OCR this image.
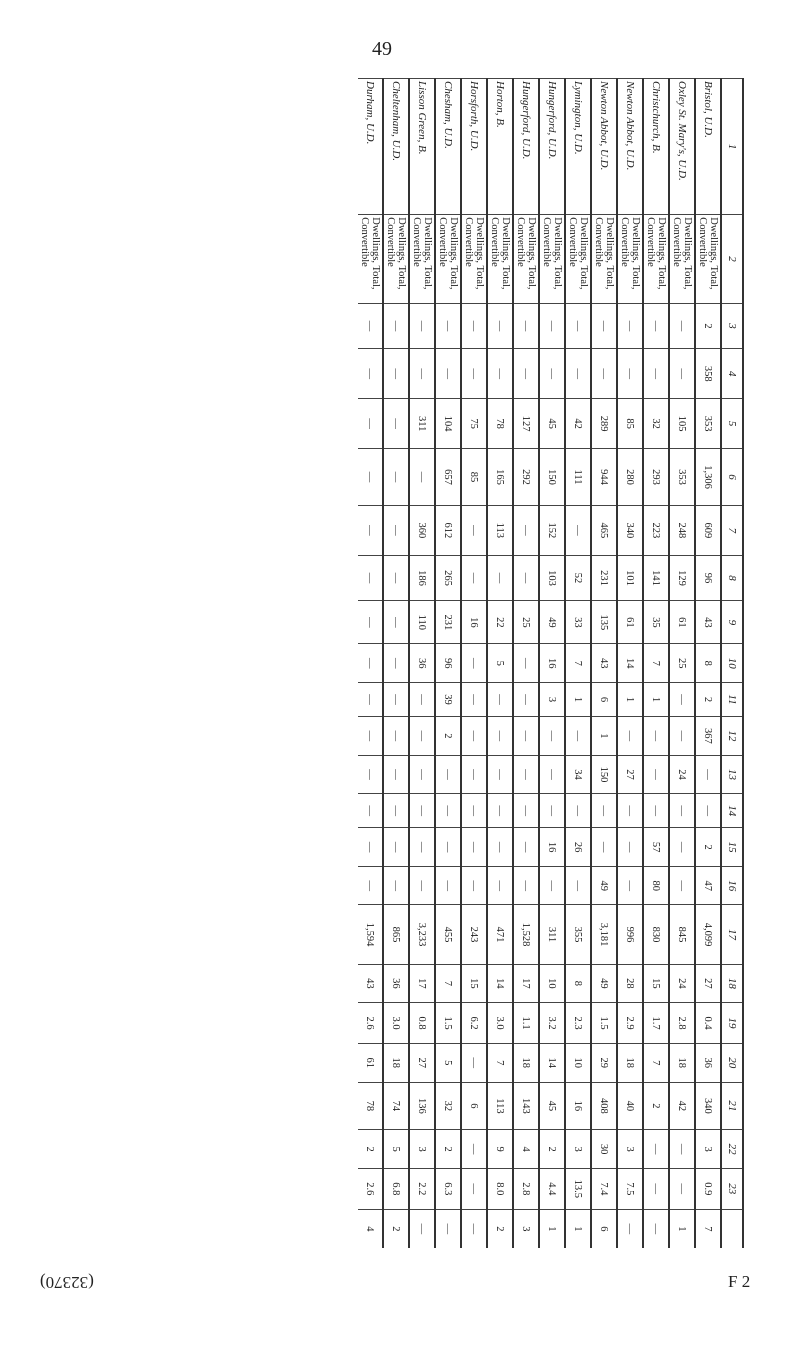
49
1	2	3	4	5	6	7	8	9	10	11	12	13	14	15	16	17	18	19	20	21	22	23	
Bristol, U.D.	Dwellings, Total, Convertible	2	358	353	1,306	609	96	43	8	2	367	—	—	2	47	4,099	27	0.4	36	340	3	0.9	7
Oxley St. Mary's, U.D.	Dwellings, Total, Convertible	—	—	105	353	248	129	61	25	—	—	24	—	—	—	845	24	2.8	18	42	—	—	1
Christchurch, B.	Dwellings, Total, Convertible	—	—	32	293	223	141	35	7	1	—	—	—	57	80	830	15	1.7	7	2	—	—	—
Newton Abbot, U.D.	Dwellings, Total, Convertible	—	—	85	280	340	101	61	14	1	—	27	—	—	—	996	28	2.9	18	40	3	7.5	—
Newton Abbot, U.D.	Dwellings, Total, Convertible	—	—	289	944	465	231	135	43	6	1	150	—	—	49	3,181	49	1.5	29	408	30	7.4	6
Lymington, U.D.	Dwellings, Total, Convertible	—	—	42	111	—	52	33	7	1	—	34	—	26	—	355	8	2.3	10	16	3	13.5	1
Hungerford, U.D.	Dwellings, Total, Convertible	—	—	45	150	152	103	49	16	3	—	—	—	16	—	311	10	3.2	14	45	2	4.4	1
Hungerford, U.D.	Dwellings, Total, Convertible	—	—	127	292	—	—	25	—	—	—	—	—	—	—	1,528	17	1.1	18	143	4	2.8	3
Horton, B.	Dwellings, Total, Convertible	—	—	78	165	113	—	22	5	—	—	—	—	—	—	471	14	3.0	7	113	9	8.0	2
Horsforth, U.D.	Dwellings, Total, Convertible	—	—	75	85	—	—	16	—	—	—	—	—	—	—	243	15	6.2	—	6	—	—	—
Chesham, U.D.	Dwellings, Total, Convertible	—	—	104	657	612	265	231	96	39	2	—	—	—	—	455	7	1.5	5	32	2	6.3	—
Lisson Green, B.	Dwellings, Total, Convertible	—	—	311	—	360	186	110	36	—	—	—	—	—	—	3,233	17	0.8	27	136	3	2.2	—
Cheltenham, U.D.	Dwellings, Total, Convertible	—	—	—	—	—	—	—	—	—	—	—	—	—	—	865	36	3.0	18	74	5	6.8	2
Durham, U.D.	Dwellings, Total, Convertible	—	—	—	—	—	—	—	—	—	—	—	—	—	—	1,594	43	2.6	61	78	2	2.6	4
(32370)	F 2
